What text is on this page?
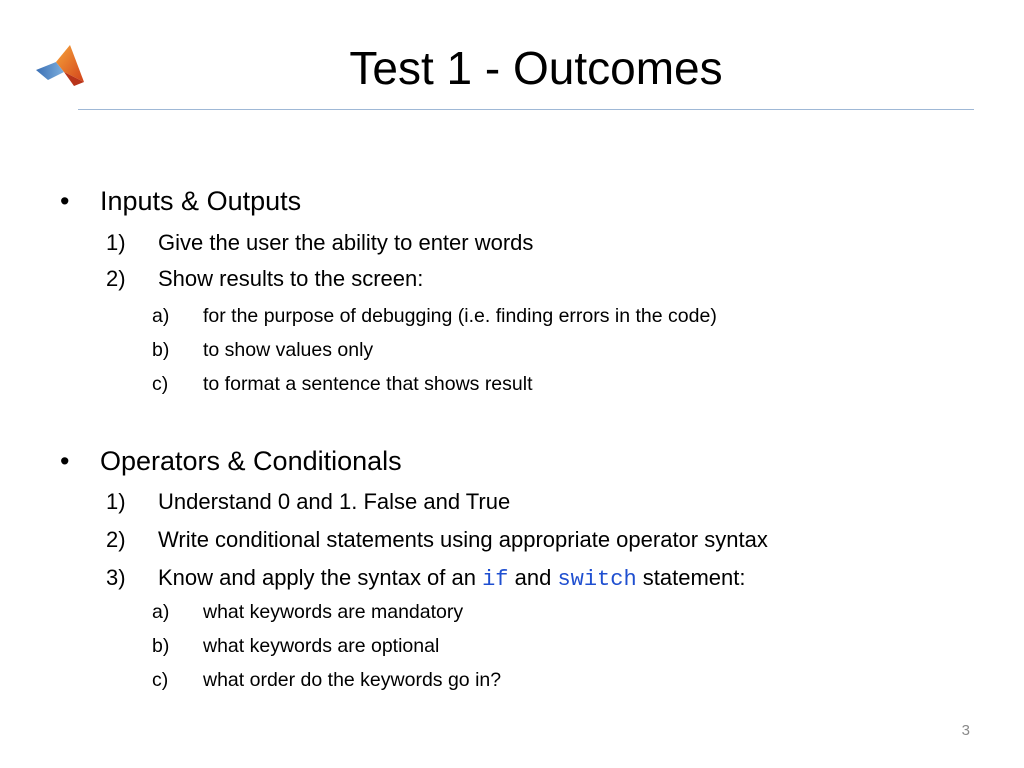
Test 1 - Outcomes
• Inputs & Outputs
1) Give the user the ability to enter words
2) Show results to the screen:
a) for the purpose of debugging (i.e. finding errors in the code)
b) to show values only
c) to format a sentence that shows result
• Operators & Conditionals
1) Understand 0 and 1. False and True
2) Write conditional statements using appropriate operator syntax
3) Know and apply the syntax of an if and switch statement:
a) what keywords are mandatory
b) what keywords are optional
c) what order do the keywords go in?
3
